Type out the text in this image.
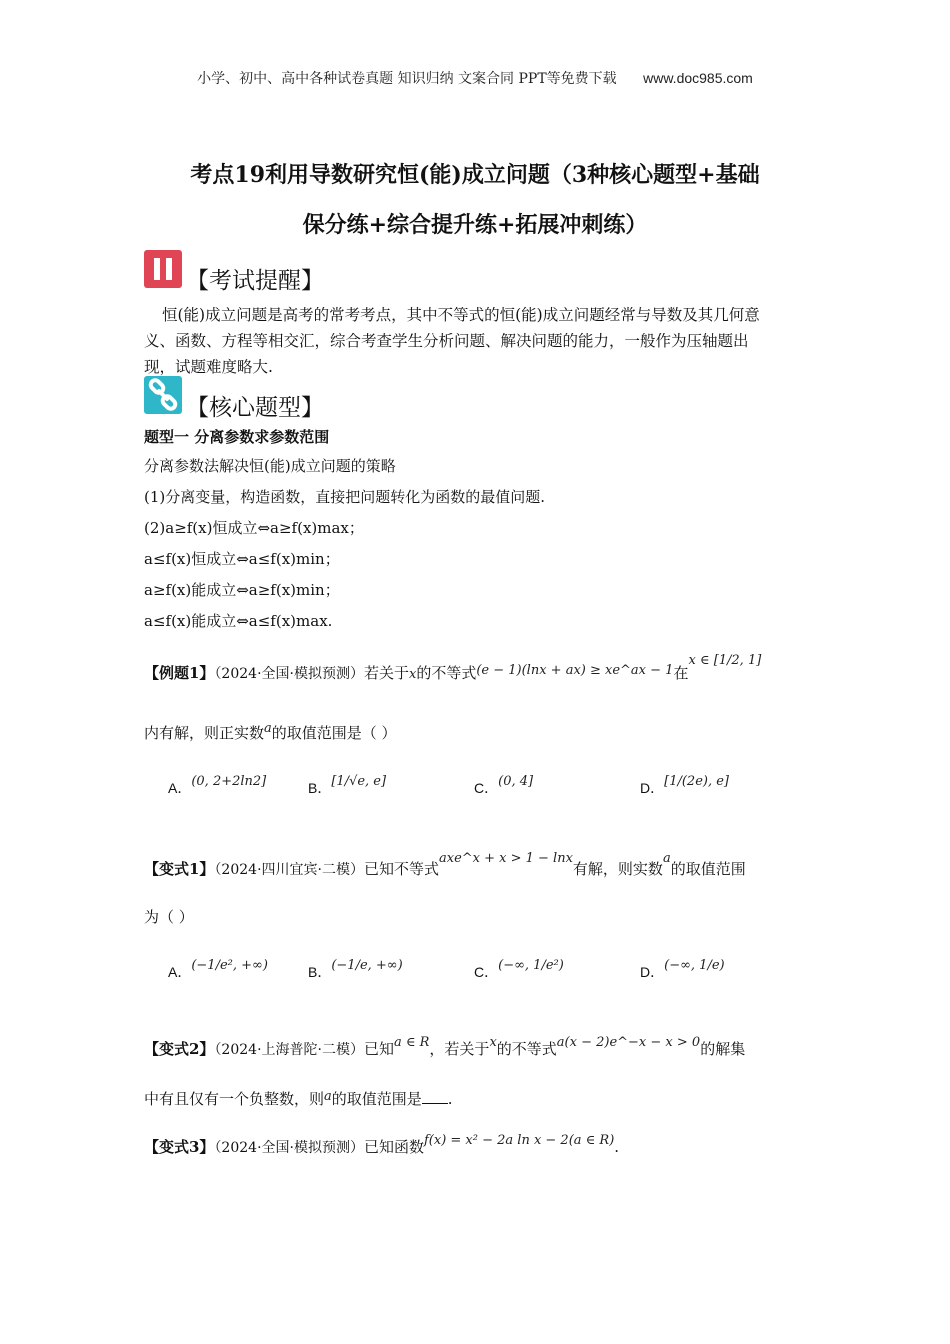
小学、初中、高中各种试卷真题 知识归纳 文案合同 PPT等免费下载 www.doc985.com
考点19利用导数研究恒(能)成立问题（3种核心题型+基础
保分练+综合提升练+拓展冲刺练）
【考试提醒】
恒(能)成立问题是高考的常考考点，其中不等式的恒(能)成立问题经常与导数及其几何意
义、函数、方程等相交汇，综合考查学生分析问题、解决问题的能力，一般作为压轴题出
现，试题难度略大.
【核心题型】
题型一 分离参数求参数范围
分离参数法解决恒(能)成立问题的策略
(1)分离变量，构造函数，直接把问题转化为函数的最值问题.
(2)a≥f(x)恒成立⇔a≥f(x)max；
a≤f(x)恒成立⇔a≤f(x)min；
a≥f(x)能成立⇔a≥f(x)min；
a≤f(x)能成立⇔a≤f(x)max.
【例题1】（2024·全国·模拟预测）若关于x的不等式(e − 1)(lnx + ax) ≥ xe^ax − 1在x ∈ [1/2, 1]
内有解，则正实数a的取值范围是（ ）
A．$^{(0, 2+2ln2]}$	B．[1/√e, e]	C．$^{(0, 4]}$	D．[1/(2e), e]
【变式1】（2024·四川宜宾·二模）已知不等式axe^x + x > 1 − lnx有解，则实数a的取值范围
为（ ）
A．$^{(-1/e^2, +\infty)}$	B．$^{(-1/e, +\infty)}$	C．$^{(-\infty, 1/e^2)}$	D．$^{(-\infty, 1/e)}$
【变式2】（2024·上海普陀·二模）已知a ∈ R，若关于x的不等式a(x − 2)e^−x − x > 0的解集
中有且仅有一个负整数，则a的取值范围是 .
【变式3】（2024·全国·模拟预测）已知函数f(x) = x² − 2a ln x − 2(a ∈ R).
